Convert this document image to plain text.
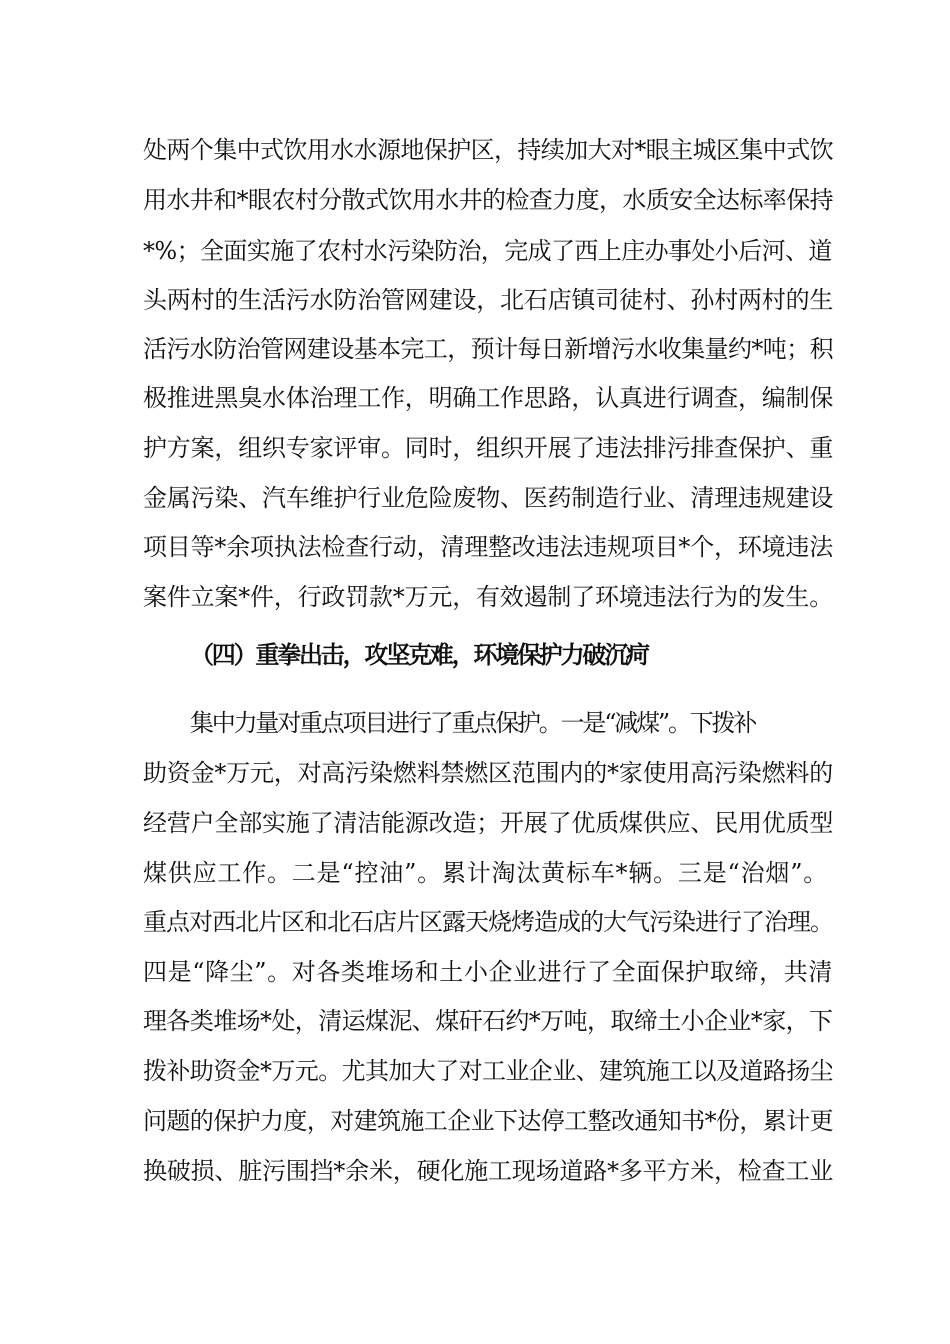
处两个集中式饮用水水源地保护区，持续加大对*眼主城区集中式饮
用水井和*眼农村分散式饮用水井的检查力度，水质安全达标率保持
*%；全面实施了农村水污染防治，完成了西上庄办事处小后河、道
头两村的生活污水防治管网建设，北石店镇司徒村、孙村两村的生
活污水防治管网建设基本完工，预计每日新增污水收集量约*吨；积
极推进黑臭水体治理工作，明确工作思路，认真进行调查，编制保
护方案，组织专家评审。同时，组织开展了违法排污排查保护、重
金属污染、汽车维护行业危险废物、医药制造行业、清理违规建设
项目等*余项执法检查行动，清理整改违法违规项目*个，环境违法
案件立案*件，行政罚款*万元，有效遏制了环境违法行为的发生。
（四）重拳出击，攻坚克难，环境保护力破沉疴
集中力量对重点项目进行了重点保护。一是“减煤”。下拨补
助资金*万元，对高污染燃料禁燃区范围内的*家使用高污染燃料的
经营户全部实施了清洁能源改造；开展了优质煤供应、民用优质型
煤供应工作。二是“控油”。累计淘汰黄标车*辆。三是“治烟”。
重点对西北片区和北石店片区露天烧烤造成的大气污染进行了治理。
四是“降尘”。对各类堆场和土小企业进行了全面保护取缔，共清
理各类堆场*处，清运煤泥、煤矸石约*万吨，取缔土小企业*家，下
拨补助资金*万元。尤其加大了对工业企业、建筑施工以及道路扬尘
问题的保护力度，对建筑施工企业下达停工整改通知书*份，累计更
换破损、脏污围挡*余米，硬化施工现场道路*多平方米，检查工业
